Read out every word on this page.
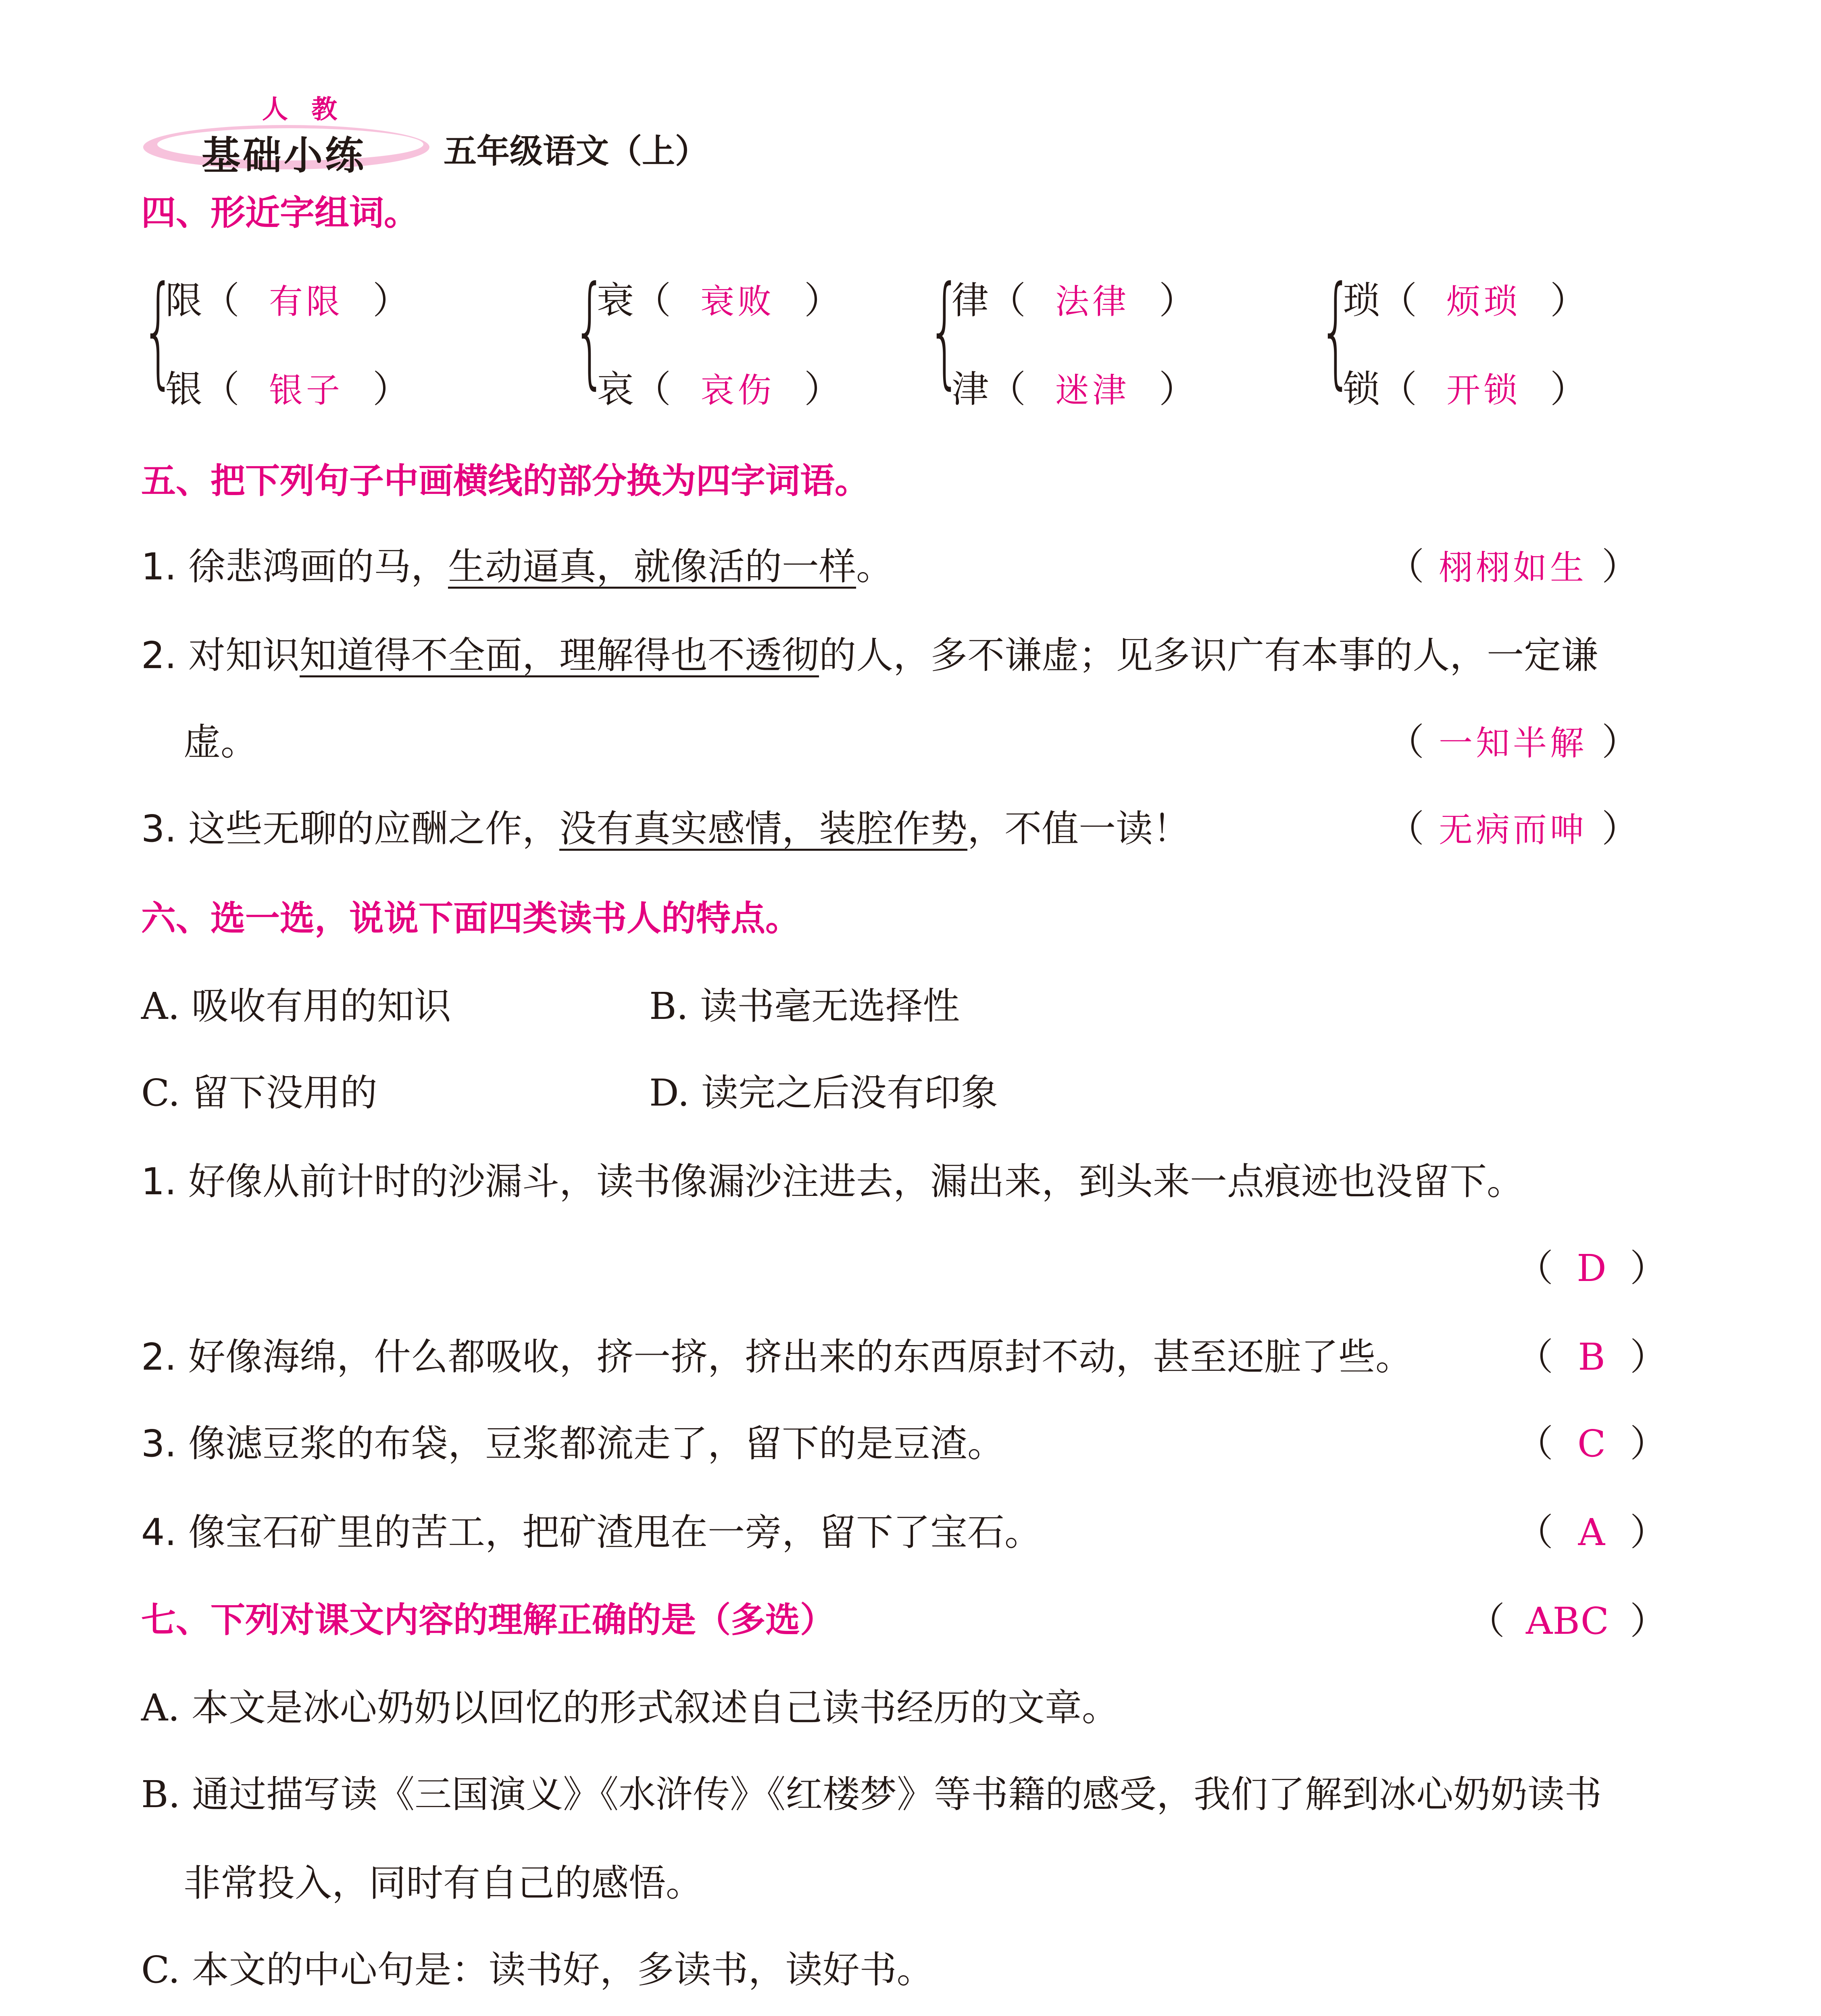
人 教
基础小练 五年级语文（上）
四、形近字组词。
{
限（ 有限 ）
银（ 银子 ） {
衰（ 衰败 ）
哀（ 哀伤 ） {
律（ 法律 ）
津（ 迷津 ） {
琐（ 烦琐 ）
锁（ 开锁 ）
五、把下列句子中画横线的部分换为四字词语。
1. 徐悲鸿画的马，生动逼真，就像活的一样。	（ 栩栩如生 ）
2. 对知识知道得不全面，理解得也不透彻的人，多不谦虚；见多识广有本事的人，一定谦
虚。	（ 一知半解 ）
3. 这些无聊的应酬之作，没有真实感情，装腔作势，不值一读！	（ 无病而呻 ）
六、选一选，说说下面四类读书人的特点。
A. 吸收有用的知识	B. 读书毫无选择性
C. 留下没用的	D. 读完之后没有印象
1. 好像从前计时的沙漏斗，读书像漏沙注进去，漏出来，到头来一点痕迹也没留下。
（ D ）
2. 好像海绵，什么都吸收，挤一挤，挤出来的东西原封不动，甚至还脏了些。	（ B ）
3. 像滤豆浆的布袋，豆浆都流走了，留下的是豆渣。	（ C ）
4. 像宝石矿里的苦工，把矿渣甩在一旁，留下了宝石。	（ A ）
七、下列对课文内容的理解正确的是（多选）	（ ABC ）
A. 本文是冰心奶奶以回忆的形式叙述自己读书经历的文章。
B. 通过描写读《三国演义》《水浒传》《红楼梦》等书籍的感受，我们了解到冰心奶奶读书
非常投入，同时有自己的感悟。
C. 本文的中心句是：读书好，多读书，读好书。
